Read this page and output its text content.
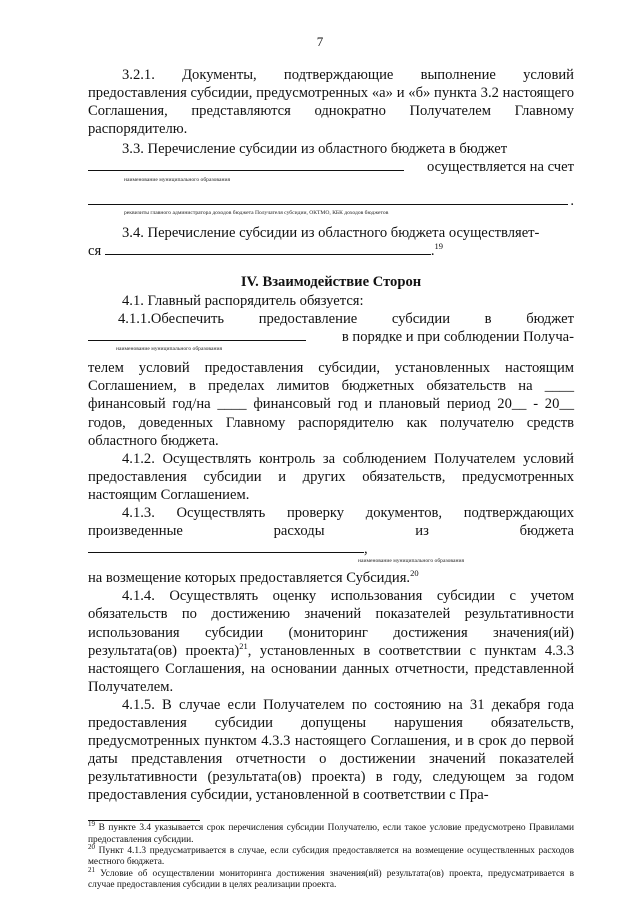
7

3.2.1. Документы, подтверждающие выполнение условий предоставления субсидии, предусмотренных «а» и «б» пункта 3.2 настоящего Соглашения, представляются однократно Получателем Главному распорядителю.

3.3. Перечисление субсидии из областного бюджета в бюджет

осуществляется на счет
наименование муниципального образования
.
реквизиты главного администратора доходов бюджета Получателя субсидии, ОКТМО, КБК доходов бюджетов

3.4. Перечисление субсидии из областного бюджета осуществляет-

ся	.$^{19}$

IV. Взаимодействие Сторон

4.1. Главный распорядитель обязуется:

4.1.1.Обеспечить предоставление субсидии в бюджет
в порядке и при соблюдении Получа-
наименование муниципального образования

телем условий предоставления субсидии, установленных настоящим Соглашением, в пределах лимитов бюджетных обязательств на ____ финансовый год/на ____ финансовый год и плановый период 20__ - 20__ годов, доведенных Главному распорядителю как получателю средств областного бюджета.

4.1.2. Осуществлять контроль за соблюдением Получателем условий предоставления субсидии и других обязательств, предусмотренных настоящим Соглашением.

4.1.3. Осуществлять проверку документов, подтверждающих произведенные расходы из бюджета ,

наименование муниципального образования

на возмещение которых предоставляется Субсидия.$^{20}$

4.1.4. Осуществлять оценку использования субсидии с учетом обязательств по достижению значений показателей результативности использования субсидии (мониторинг достижения значения(ий) результата(ов) проекта)$^{21}$, установленных в соответствии с пунктам 4.3.3 настоящего Соглашения, на основании данных отчетности, представленной Получателем.

4.1.5. В случае если Получателем по состоянию на 31 декабря года предоставления субсидии допущены нарушения обязательств, предусмотренных пунктом 4.3.3 настоящего Соглашения, и в срок до первой даты представления отчетности о достижении значений показателей результативности (результата(ов) проекта) в году, следующем за годом предоставления субсидии, установленной в соответствии с Пра-

$^{19}$ В пункте 3.4 указывается срок перечисления субсидии Получателю, если такое условие предусмотрено Правилами предоставления субсидии.

$^{20}$ Пункт 4.1.3 предусматривается в случае, если субсидия предоставляется на возмещение осуществленных расходов местного бюджета.

$^{21}$ Условие об осуществлении мониторинга достижения значения(ий) результата(ов) проекта, предусматривается в случае предоставления субсидии в целях реализации проекта.
